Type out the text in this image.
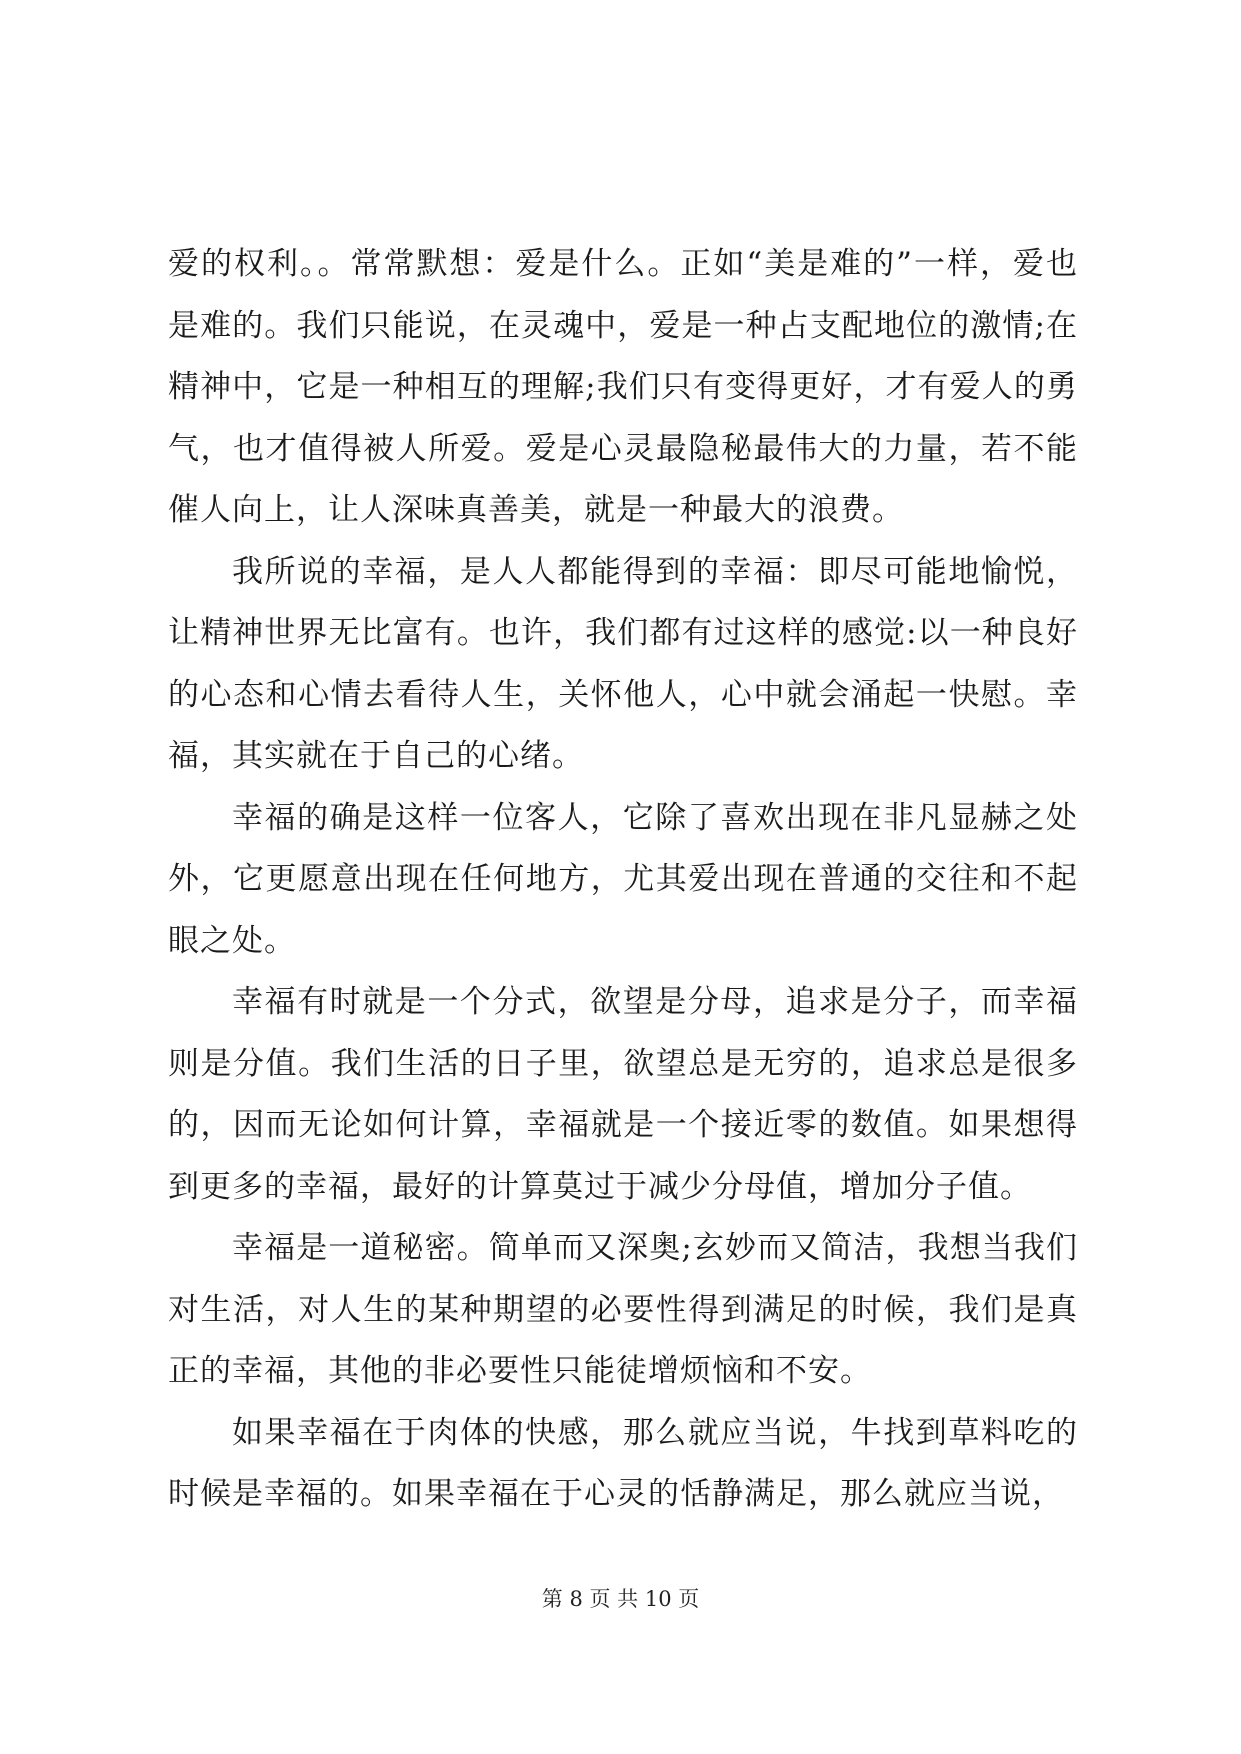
爱的权利。。常常默想：爱是什么。正如“美是难的”一样，爱也是难的。我们只能说，在灵魂中，爱是一种占支配地位的激情;在精神中，它是一种相互的理解;我们只有变得更好，才有爱人的勇气，也才值得被人所爱。爱是心灵最隐秘最伟大的力量，若不能催人向上，让人深味真善美，就是一种最大的浪费。

我所说的幸福，是人人都能得到的幸福：即尽可能地愉悦，让精神世界无比富有。也许，我们都有过这样的感觉:以一种良好的心态和心情去看待人生，关怀他人，心中就会涌起一快慰。幸福，其实就在于自己的心绪。

幸福的确是这样一位客人，它除了喜欢出现在非凡显赫之处外，它更愿意出现在任何地方，尤其爱出现在普通的交往和不起眼之处。

幸福有时就是一个分式，欲望是分母，追求是分子，而幸福则是分值。我们生活的日子里，欲望总是无穷的，追求总是很多的，因而无论如何计算，幸福就是一个接近零的数值。如果想得到更多的幸福，最好的计算莫过于减少分母值，增加分子值。

幸福是一道秘密。简单而又深奥;玄妙而又简洁，我想当我们对生活，对人生的某种期望的必要性得到满足的时候，我们是真正的幸福，其他的非必要性只能徒增烦恼和不安。

如果幸福在于肉体的快感，那么就应当说，牛找到草料吃的时候是幸福的。如果幸福在于心灵的恬静满足，那么就应当说，

第 8 页 共 10 页
